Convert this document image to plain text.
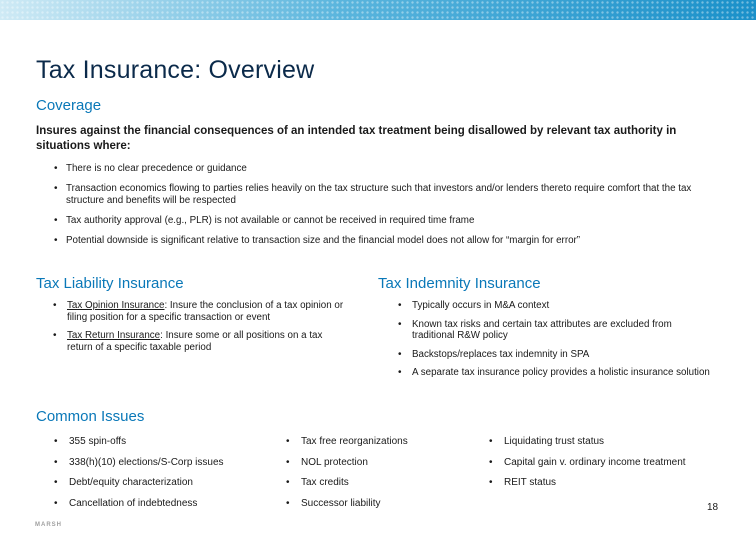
Tax Insurance: Overview
Coverage
Insures against the financial consequences of an intended tax treatment being disallowed by relevant tax authority in situations where:
• There is no clear precedence or guidance
• Transaction economics flowing to parties relies heavily on the tax structure such that investors and/or lenders thereto require comfort that the tax structure and benefits will be respected
• Tax authority approval (e.g., PLR) is not available or cannot be received in required time frame
• Potential downside is significant relative to transaction size and the financial model does not allow for “margin for error”
Tax Liability Insurance
• Tax Opinion Insurance: Insure the conclusion of a tax opinion or filing position for a specific transaction or event
• Tax Return Insurance: Insure some or all positions on a tax return of a specific taxable period
Tax Indemnity Insurance
• Typically occurs in M&A context
• Known tax risks and certain tax attributes are excluded from traditional R&W policy
• Backstops/replaces tax indemnity in SPA
• A separate tax insurance policy provides a holistic insurance solution
Common Issues
• 355 spin-offs
• 338(h)(10) elections/S-Corp issues
• Debt/equity characterization
• Cancellation of indebtedness
• Tax free reorganizations
• NOL protection
• Tax credits
• Successor liability
• Liquidating trust status
• Capital gain v. ordinary income treatment
• REIT status
18
MARSH
